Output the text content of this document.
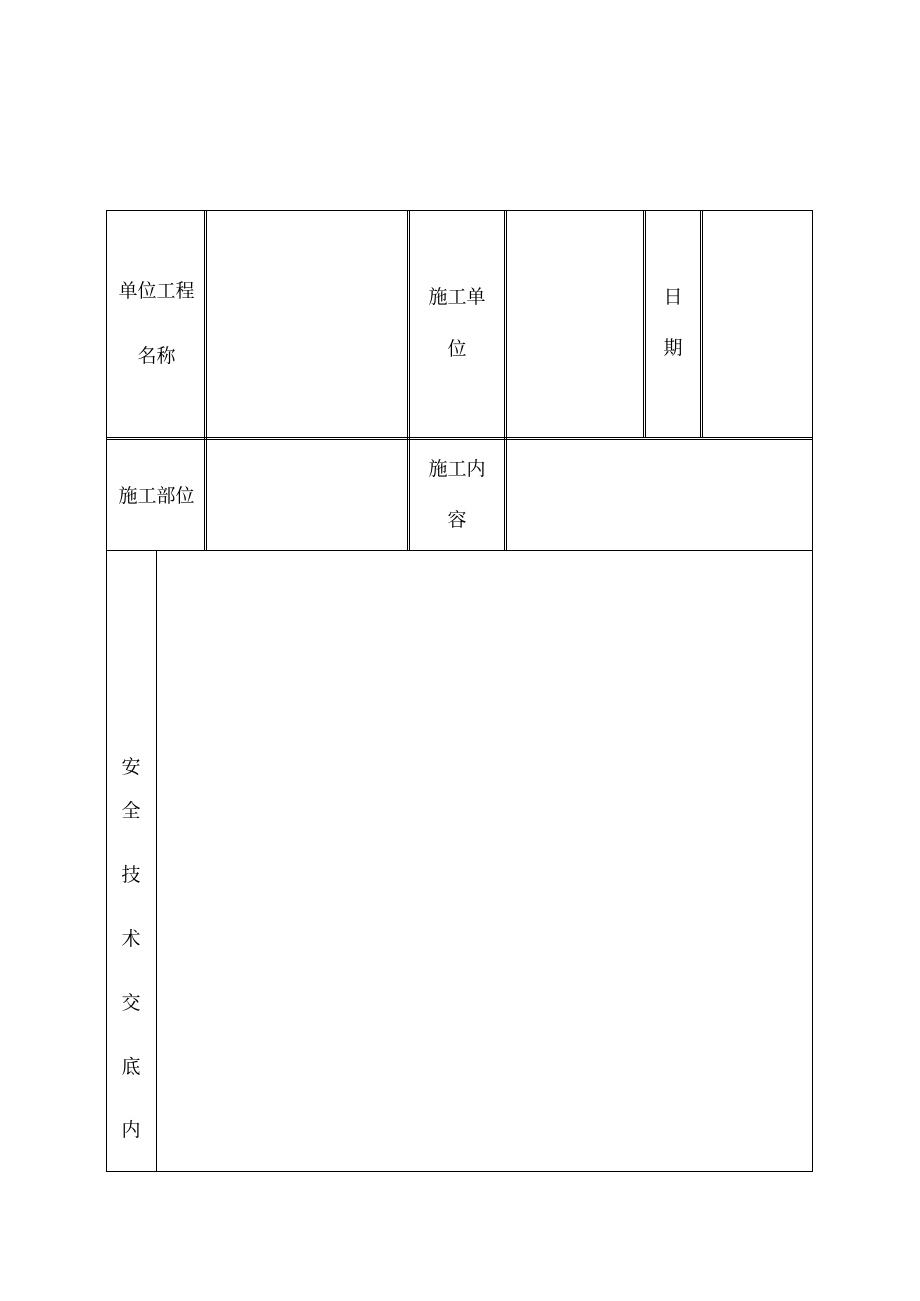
单位工程
名称
施工单
位
日
期
施工部位
施工内
容
安
全
技
术
交
底
内
